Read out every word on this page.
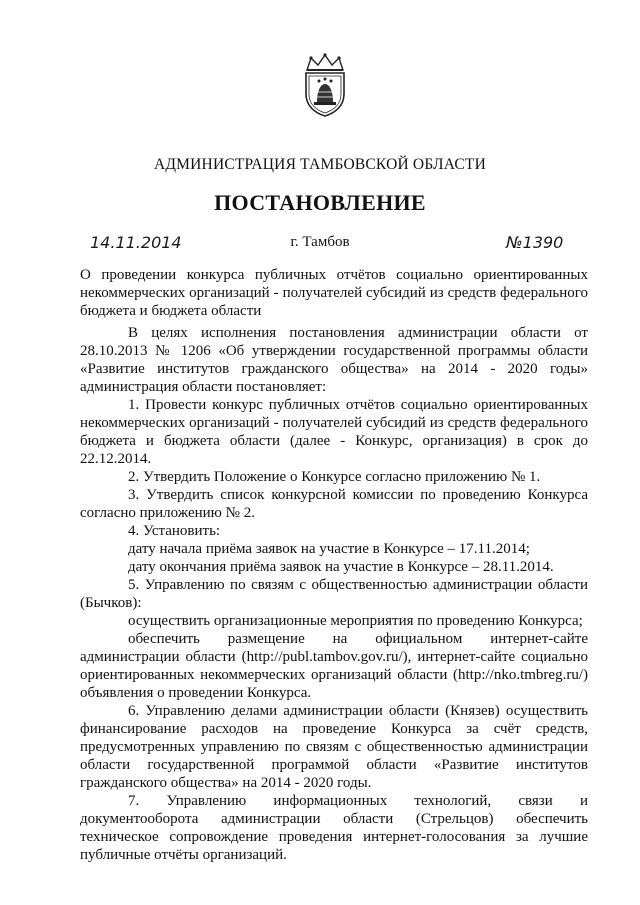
АДМИНИСТРАЦИЯ ТАМБОВСКОЙ ОБЛАСТИ
ПОСТАНОВЛЕНИЕ
14.11.2014	г. Тамбов	№1390
О проведении конкурса публичных отчётов социально ориентированных некоммерческих организаций - получателей субсидий из средств федерального бюджета и бюджета области

В целях исполнения постановления администрации области от 28.10.2013 № 1206 «Об утверждении государственной программы области «Развитие институтов гражданского общества» на 2014 - 2020 годы» администрация области постановляет:

1. Провести конкурс публичных отчётов социально ориентированных некоммерческих организаций - получателей субсидий из средств федерального бюджета и бюджета области (далее - Конкурс, организация) в срок до 22.12.2014.

2. Утвердить Положение о Конкурсе согласно приложению № 1.

3. Утвердить список конкурсной комиссии по проведению Конкурса согласно приложению № 2.

4. Установить:

дату начала приёма заявок на участие в Конкурсе – 17.11.2014;

дату окончания приёма заявок на участие в Конкурсе – 28.11.2014.

5. Управлению по связям с общественностью администрации области (Бычков):

осуществить организационные мероприятия по проведению Конкурса;

обеспечить размещение на официальном интернет-сайте администрации области (http://publ.tambov.gov.ru/), интернет-сайте социально ориентированных некоммерческих организаций области (http://nko.tmbreg.ru/) объявления о проведении Конкурса.

6. Управлению делами администрации области (Князев) осуществить финансирование расходов на проведение Конкурса за счёт средств, предусмотренных управлению по связям с общественностью администрации области государственной программой области «Развитие институтов гражданского общества» на 2014 - 2020 годы.

7. Управлению информационных технологий, связи и документооборота администрации области (Стрельцов) обеспечить техническое сопровождение проведения интернет-голосования за лучшие публичные отчёты организаций.
